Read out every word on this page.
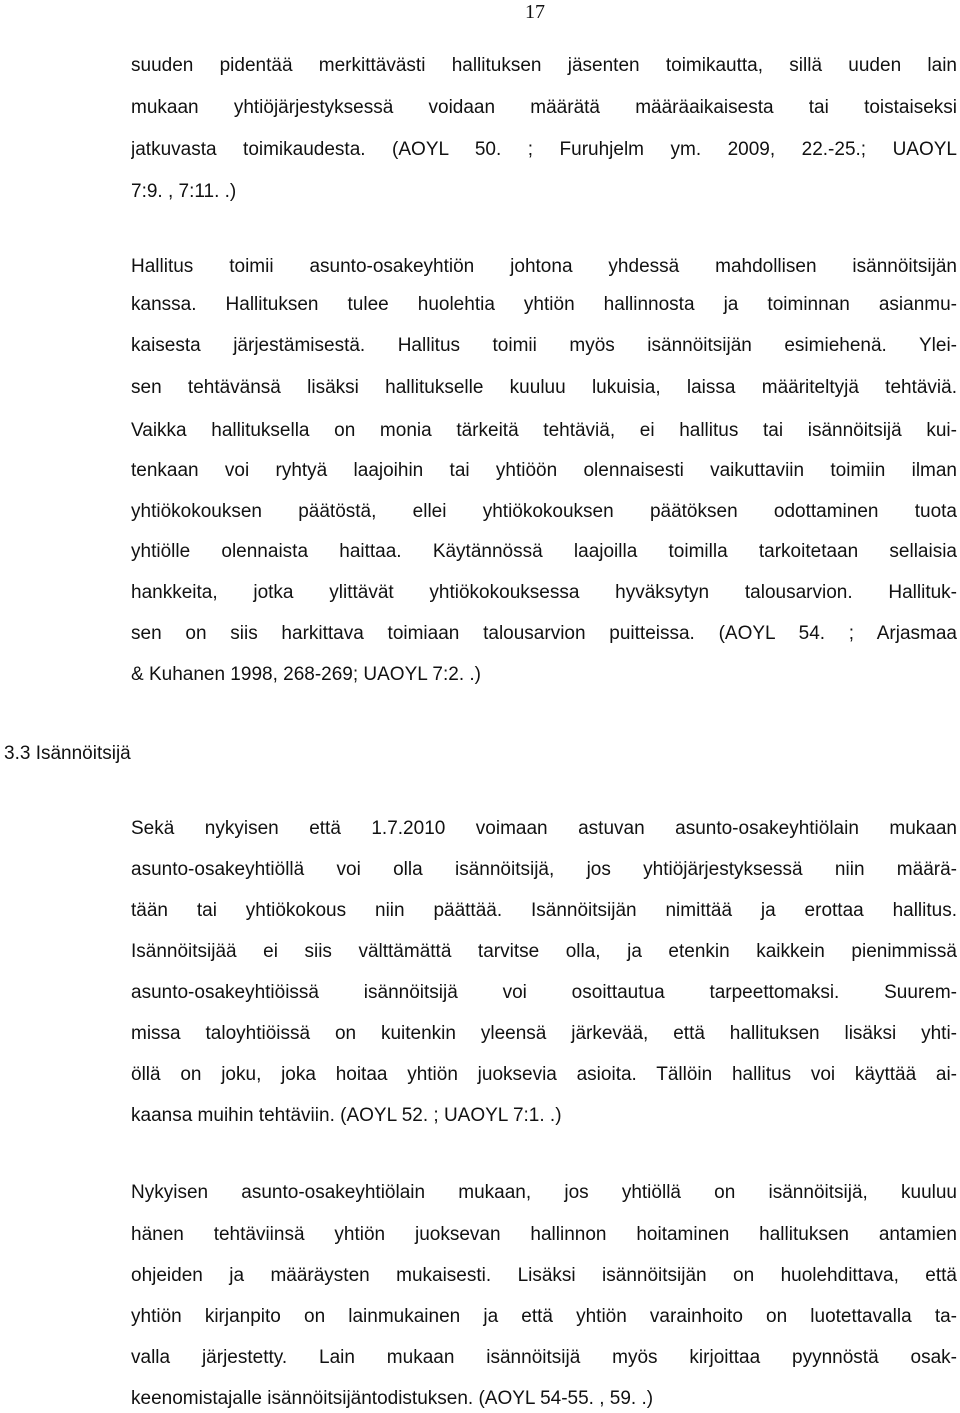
17

suuden pidentää merkittävästi hallituksen jäsenten toimikautta, sillä uuden lain

mukaan yhtiöjärjestyksessä voidaan määrätä määräaikaisesta tai toistaiseksi

jatkuvasta toimikaudesta. (AOYL 50. ; Furuhjelm ym. 2009, 22.-25.; UAOYL

7:9. , 7:11. .)

Hallitus toimii asunto-osakeyhtiön johtona yhdessä mahdollisen isännöitsijän

kanssa. Hallituksen tulee huolehtia yhtiön hallinnosta ja toiminnan asianmu-

kaisesta järjestämisestä. Hallitus toimii myös isännöitsijän esimiehenä. Ylei-

sen tehtävänsä lisäksi hallitukselle kuuluu lukuisia, laissa määriteltyjä tehtäviä.

Vaikka hallituksella on monia tärkeitä tehtäviä, ei hallitus tai isännöitsijä kui-

tenkaan voi ryhtyä laajoihin tai yhtiöön olennaisesti vaikuttaviin toimiin ilman

yhtiökokouksen päätöstä, ellei yhtiökokouksen päätöksen odottaminen tuota

yhtiölle olennaista haittaa. Käytännössä laajoilla toimilla tarkoitetaan sellaisia

hankkeita, jotka ylittävät yhtiökokouksessa hyväksytyn talousarvion. Hallituk-

sen on siis harkittava toimiaan talousarvion puitteissa. (AOYL 54. ; Arjasmaa

& Kuhanen 1998, 268-269; UAOYL 7:2. .)

3.3 Isännöitsijä

Sekä nykyisen että 1.7.2010 voimaan astuvan asunto-osakeyhtiölain mukaan

asunto-osakeyhtiöllä voi olla isännöitsijä, jos yhtiöjärjestyksessä niin määrä-

tään tai yhtiökokous niin päättää. Isännöitsijän nimittää ja erottaa hallitus.

Isännöitsijää ei siis välttämättä tarvitse olla, ja etenkin kaikkein pienimmissä

asunto-osakeyhtiöissä isännöitsijä voi osoittautua tarpeettomaksi. Suurem-

missa taloyhtiöissä on kuitenkin yleensä järkevää, että hallituksen lisäksi yhti-

öllä on joku, joka hoitaa yhtiön juoksevia asioita. Tällöin hallitus voi käyttää ai-

kaansa muihin tehtäviin. (AOYL 52. ; UAOYL 7:1. .)

Nykyisen asunto-osakeyhtiölain mukaan, jos yhtiöllä on isännöitsijä, kuuluu

hänen tehtäviinsä yhtiön juoksevan hallinnon hoitaminen hallituksen antamien

ohjeiden ja määräysten mukaisesti. Lisäksi isännöitsijän on huolehdittava, että

yhtiön kirjanpito on lainmukainen ja että yhtiön varainhoito on luotettavalla ta-

valla järjestetty. Lain mukaan isännöitsijä myös kirjoittaa pyynnöstä osak-

keenomistajalle isännöitsijäntodistuksen. (AOYL 54-55. , 59. .)
